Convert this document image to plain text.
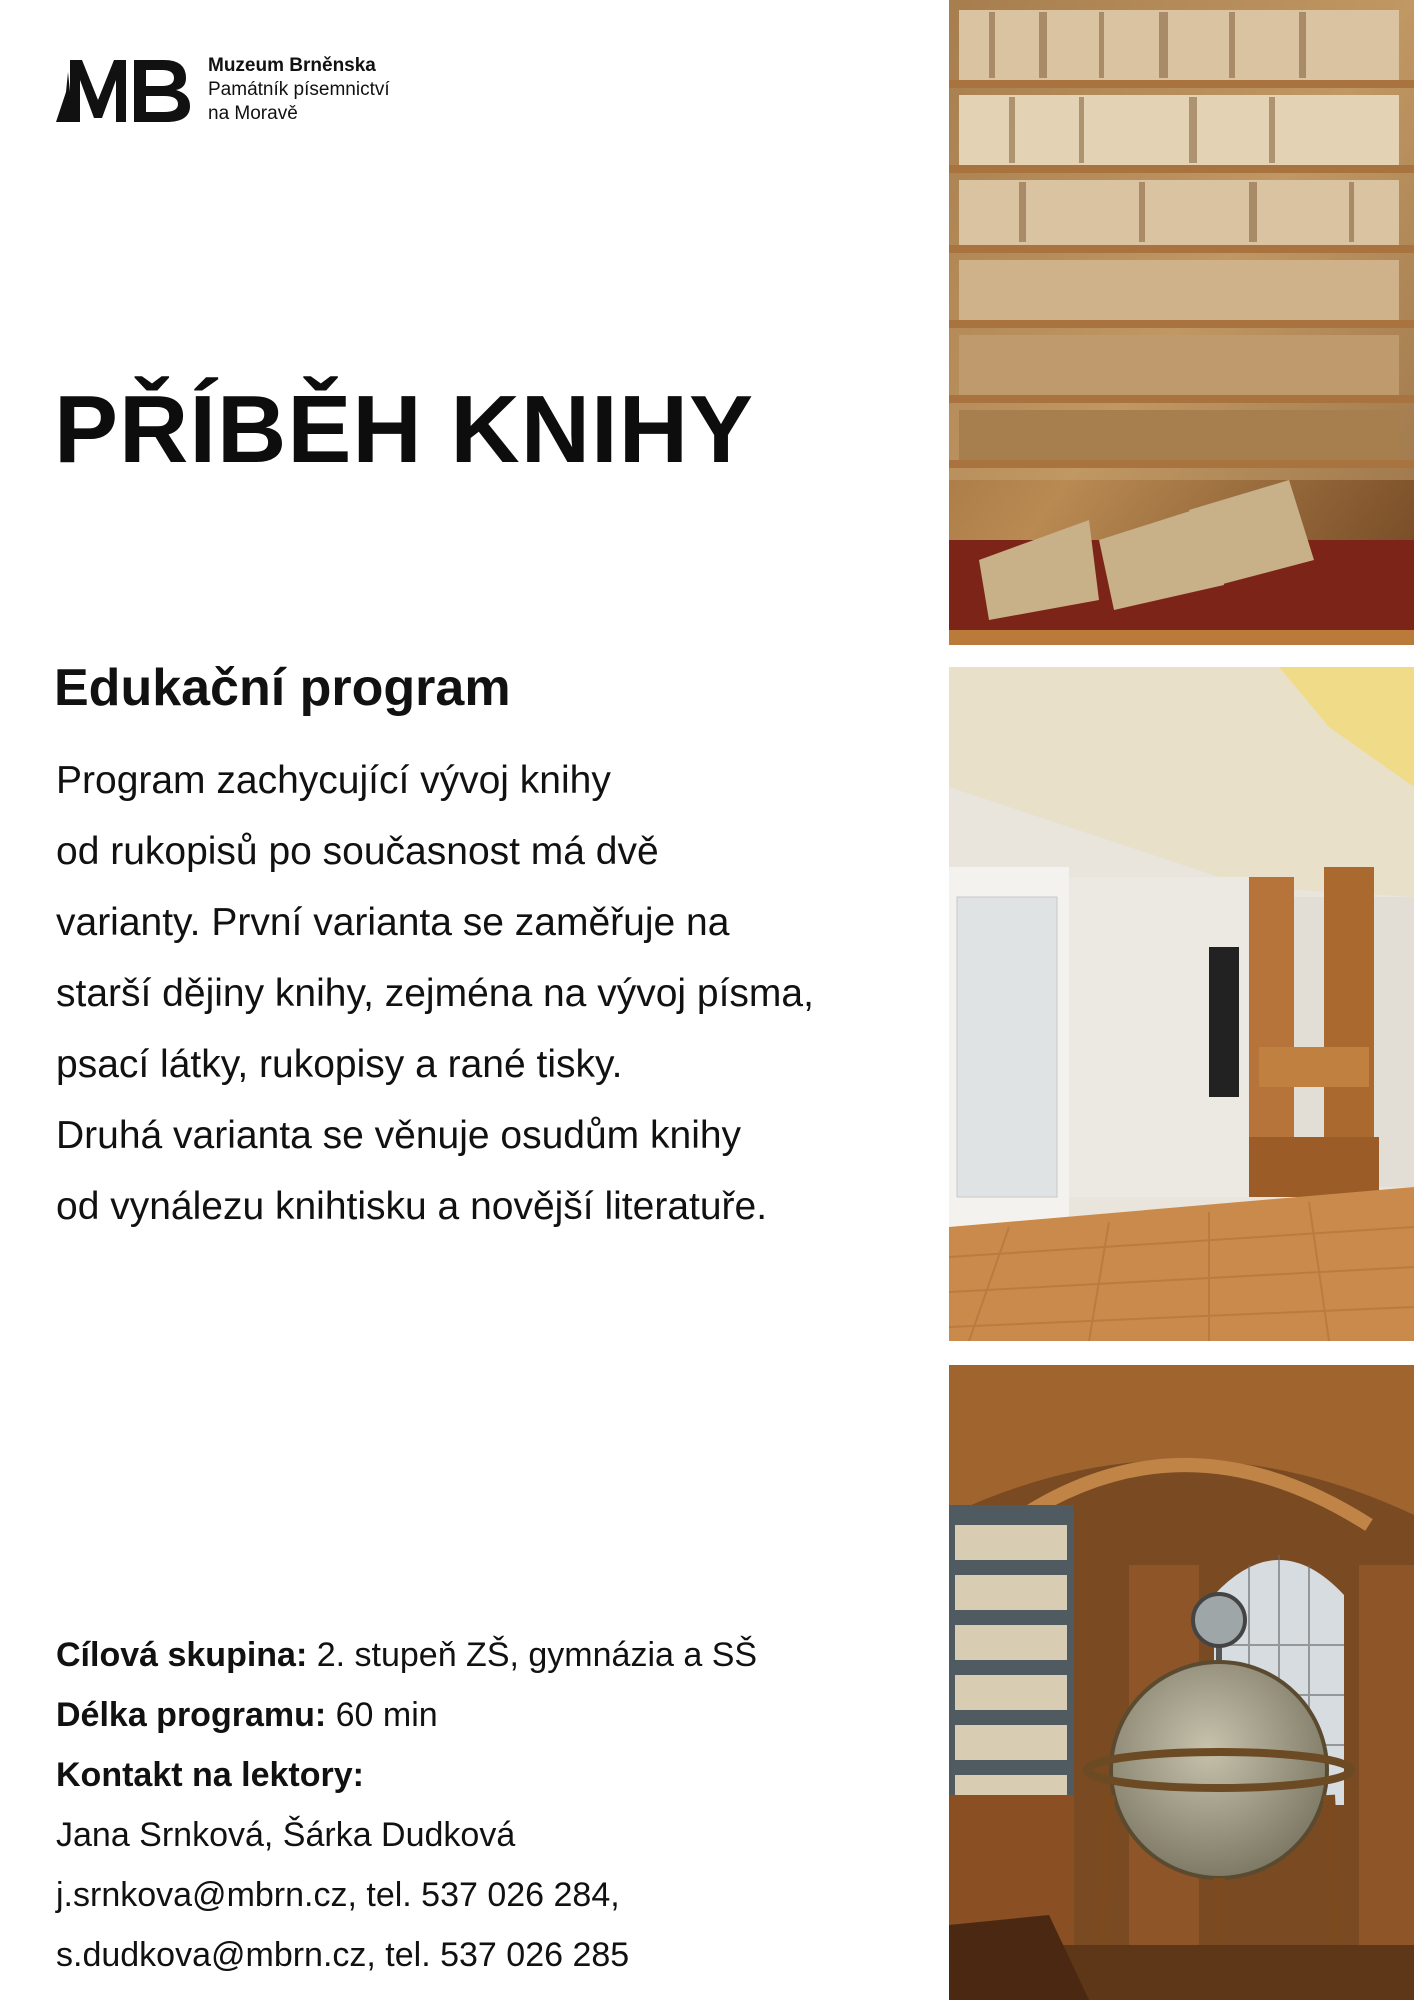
Muzeum Brněnska
Památník písemnictví
na Moravě
PŘÍBĚH KNIHY
Edukační program
Program zachycující vývoj knihy
od rukopisů po současnost má dvě
varianty. První varianta se zaměřuje na
starší dějiny knihy, zejména na vývoj písma,
psací látky, rukopisy a rané tisky.
Druhá varianta se věnuje osudům knihy
od vynálezu knihtisku a novější literatuře.
Cílová skupina: 2. stupeň ZŠ, gymnázia a SŠ
Délka programu: 60 min
Kontakt na lektory:
Jana Srnková, Šárka Dudková
j.srnkova@mbrn.cz, tel. 537 026 284,
s.dudkova@mbrn.cz, tel. 537 026 285
